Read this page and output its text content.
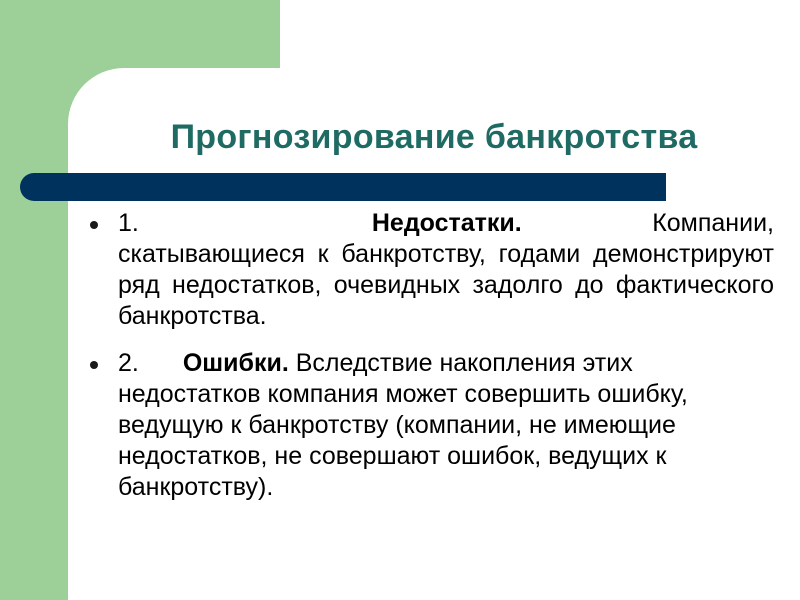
Прогнозирование банкротства
1.	Недостатки. Компании, скатывающиеся к банкротству, годами демонстрируют ряд недостатков, очевидных задолго до фактического банкротства.
2. Ошибки. Вследствие накопления этих недостатков компания может совершить ошибку, ведущую к банкротству (компании, не имеющие недостатков, не совершают ошибок, ведущих к банкротству).
